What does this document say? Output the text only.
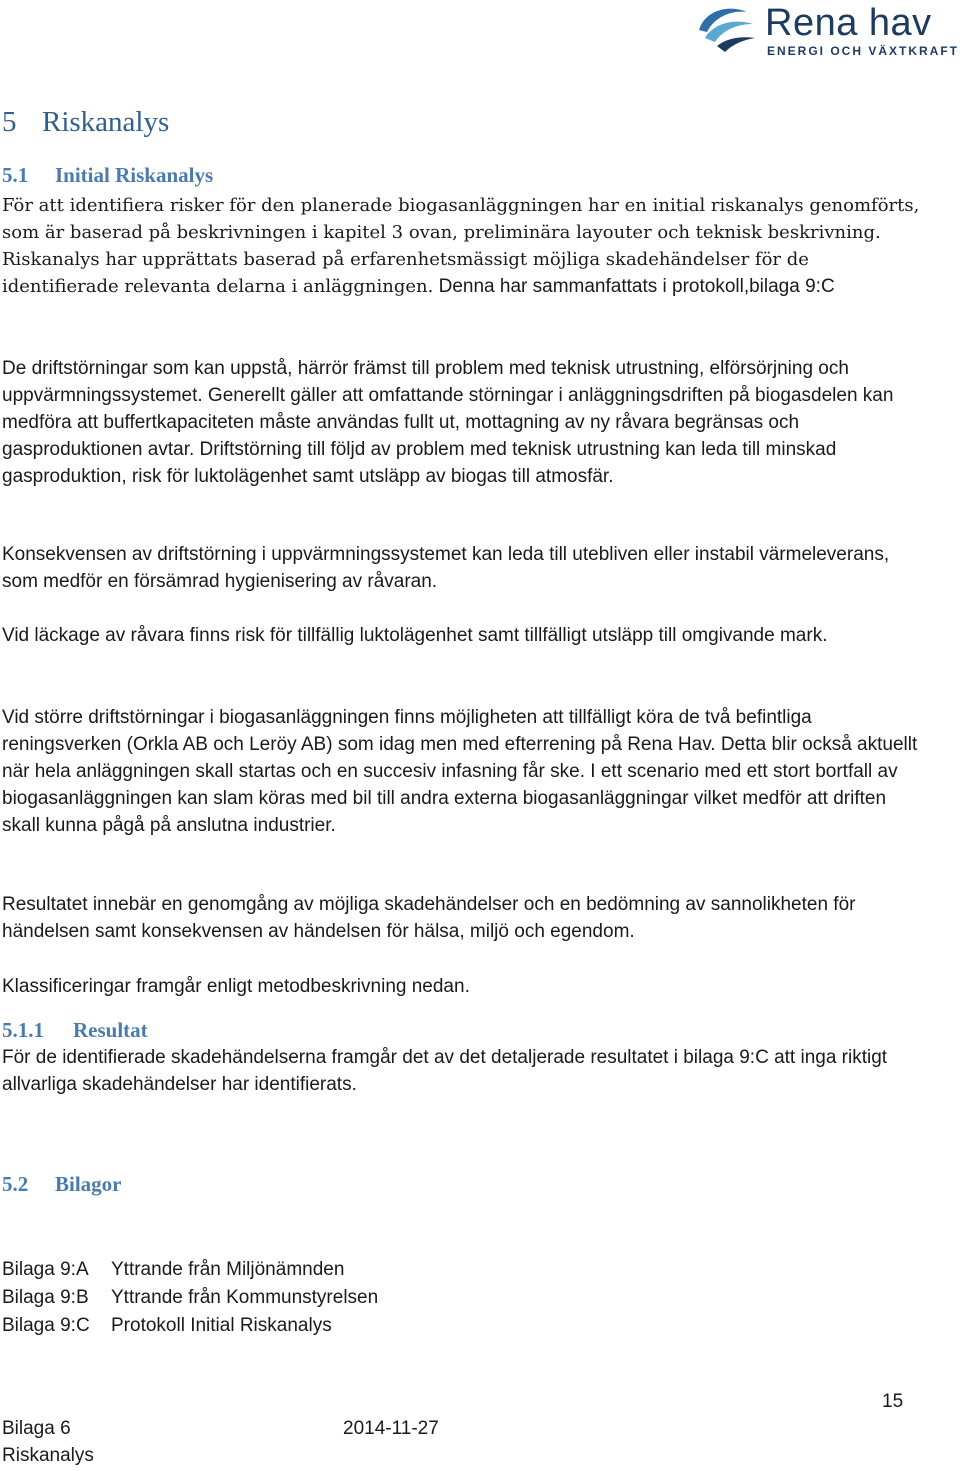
Rena hav
ENERGI OCH VÄXTKRAFT
5 Riskanalys
5.1 Initial Riskanalys

För att identifiera risker för den planerade biogasanläggningen har en initial riskanalys genomförts, som är baserad på beskrivningen i kapitel 3 ovan, preliminära layouter och teknisk beskrivning. Riskanalys har upprättats baserad på erfarenhetsmässigt möjliga skadehändelser för de identifierade relevanta delarna i anläggningen. Denna har sammanfattats i protokoll,bilaga 9:C

De driftstörningar som kan uppstå, härrör främst till problem med teknisk utrustning, elförsörjning och uppvärmningssystemet. Generellt gäller att omfattande störningar i anläggningsdriften på biogasdelen kan medföra att buffertkapaciteten måste användas fullt ut, mottagning av ny råvara begränsas och gasproduktionen avtar. Driftstörning till följd av problem med teknisk utrustning kan leda till minskad gasproduktion, risk för luktolägenhet samt utsläpp av biogas till atmosfär.

Konsekvensen av driftstörning i uppvärmningssystemet kan leda till utebliven eller instabil värmeleverans, som medför en försämrad hygienisering av råvaran.

Vid läckage av råvara finns risk för tillfällig luktolägenhet samt tillfälligt utsläpp till omgivande mark.

Vid större driftstörningar i biogasanläggningen finns möjligheten att tillfälligt köra de två befintliga reningsverken (Orkla AB och Leröy AB) som idag men med efterrening på Rena Hav. Detta blir också aktuellt när hela anläggningen skall startas och en succesiv infasning får ske. I ett scenario med ett stort bortfall av biogasanläggningen kan slam köras med bil till andra externa biogasanläggningar vilket medför att driften skall kunna pågå på anslutna industrier.

Resultatet innebär en genomgång av möjliga skadehändelser och en bedömning av sannolikheten för händelsen samt konsekvensen av händelsen för hälsa, miljö och egendom.

Klassificeringar framgår enligt metodbeskrivning nedan.

5.1.1 Resultat

För de identifierade skadehändelserna framgår det av det detaljerade resultatet i bilaga 9:C att inga riktigt allvarliga skadehändelser har identifierats.

5.2 Bilagor
Bilaga 9:A Yttrande från Miljönämnden
Bilaga 9:B Yttrande från Kommunstyrelsen
Bilaga 9:C Protokoll Initial Riskanalys
15
Bilaga 6	2014-11-27
Riskanalys
